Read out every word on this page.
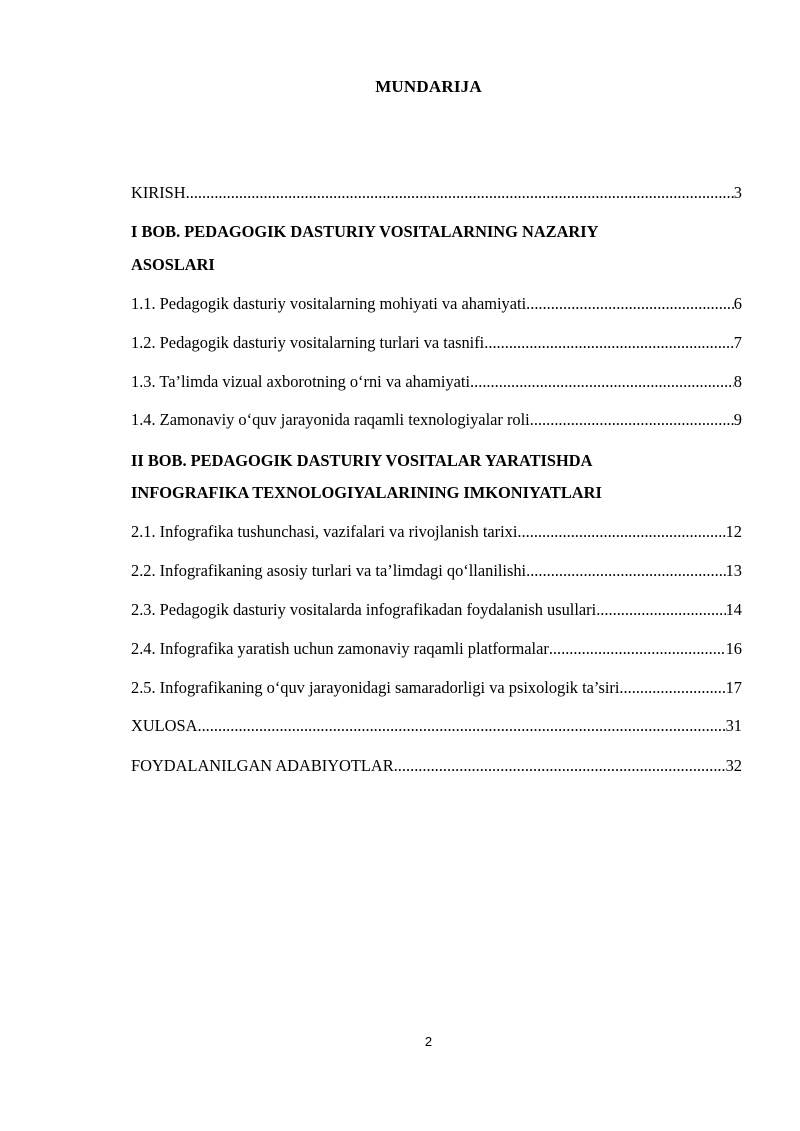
MUNDARIJA
KIRISH .....	3
I BOB. PEDAGOGIK DASTURIY VOSITALARNING NAZARIY
ASOSLARI
1.1. Pedagogik dasturiy vositalarning mohiyati va ahamiyati .....	6
1.2. Pedagogik dasturiy vositalarning turlari va tasnifi .....	7
1.3. Ta’limda vizual axborotning o‘rni va ahamiyati .....	8
1.4. Zamonaviy o‘quv jarayonida raqamli texnologiyalar roli .....	9
II BOB. PEDAGOGIK DASTURIY VOSITALAR YARATISHDA
INFOGRAFIKA TEXNOLOGIYALARINING IMKONIYATLARI
2.1. Infografika tushunchasi, vazifalari va rivojlanish tarixi .....	12
2.2. Infografikaning asosiy turlari va ta’limdagi qo‘llanilishi .....	13
2.3. Pedagogik dasturiy vositalarda infografikadan foydalanish usullari .....	14
2.4. Infografika yaratish uchun zamonaviy raqamli platformalar .....	16
2.5. Infografikaning o‘quv jarayonidagi samaradorligi va psixologik ta’siri .....	17
XULOSA .....	31
FOYDALANILGAN ADABIYOTLAR .....	32
2
